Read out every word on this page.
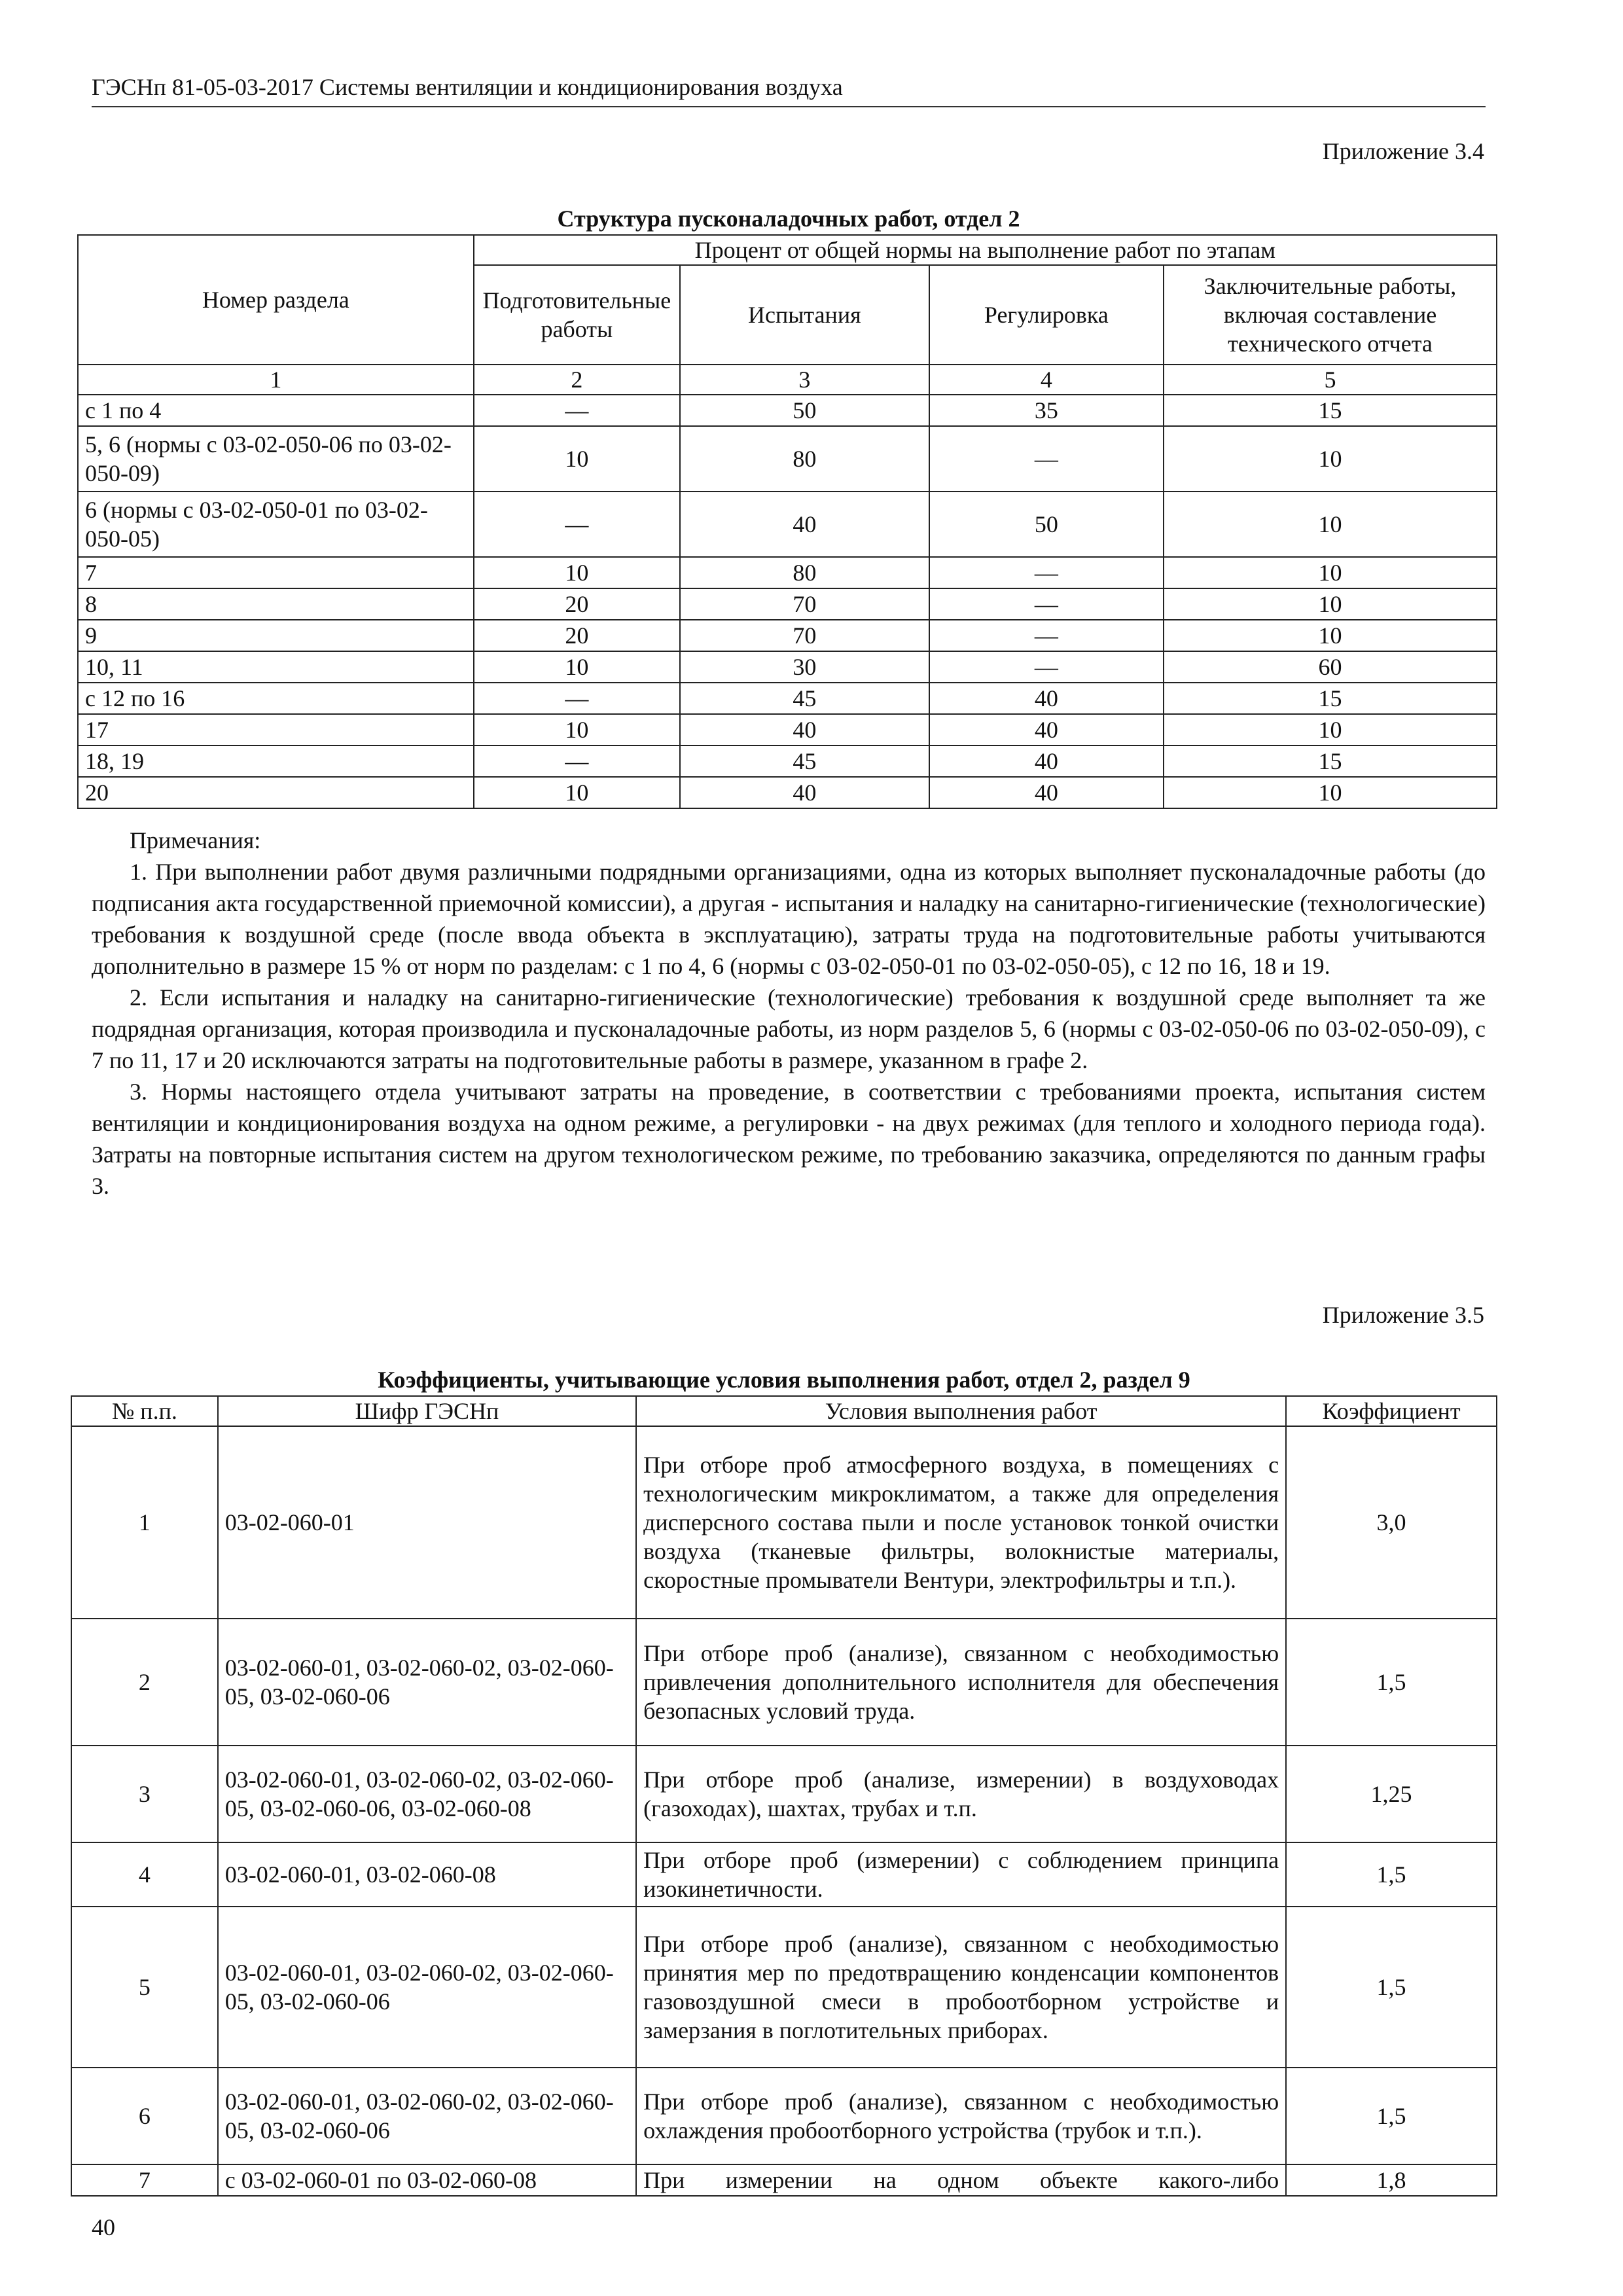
ГЭСНп 81-05-03-2017 Системы вентиляции и кондиционирования воздуха
Приложение 3.4
Структура пусконаладочных работ, отдел 2
Номер раздела	Процент от общей нормы на выполнение работ по этапам			
	Подготовительные работы	Испытания	Регулировка	Заключительные работы, включая составление технического отчета
1	2	3	4	5
с 1 по 4	—	50	35	15
5, 6 (нормы с 03-02-050-06 по 03-02-050-09)	10	80	—	10
6 (нормы с 03-02-050-01 по 03-02-050-05)	—	40	50	10
7	10	80	—	10
8	20	70	—	10
9	20	70	—	10
10, 11	10	30	—	60
с 12 по 16	—	45	40	15
17	10	40	40	10
18, 19	—	45	40	15
20	10	40	40	10

Примечания:

1. При выполнении работ двумя различными подрядными организациями, одна из которых выполняет пусконаладочные работы (до подписания акта государственной приемочной комиссии), а другая - испытания и наладку на санитарно-гигиенические (технологические) требования к воздушной среде (после ввода объекта в эксплуатацию), затраты труда на подготовительные работы учитываются дополнительно в размере 15 % от норм по разделам: с 1 по 4, 6 (нормы с 03-02-050-01 по 03-02-050-05), с 12 по 16, 18 и 19.

2. Если испытания и наладку на санитарно-гигиенические (технологические) требования к воздушной среде выполняет та же подрядная организация, которая производила и пусконаладочные работы, из норм разделов 5, 6 (нормы с 03-02-050-06 по 03-02-050-09), с 7 по 11, 17 и 20 исключаются затраты на подготовительные работы в размере, указанном в графе 2.

3. Нормы настоящего отдела учитывают затраты на проведение, в соответствии с требованиями проекта, испытания систем вентиляции и кондиционирования воздуха на одном режиме, а регулировки - на двух режимах (для теплого и холодного периода года). Затраты на повторные испытания систем на другом технологическом режиме, по требованию заказчика, определяются по данным графы 3.

Приложение 3.5
Коэффициенты, учитывающие условия выполнения работ, отдел 2, раздел 9
№ п.п.	Шифр ГЭСНп	Условия выполнения работ	Коэффициент
1	03-02-060-01	При отборе проб атмосферного воздуха, в помещениях с технологическим микроклиматом, а также для определения дисперсного состава пыли и после установок тонкой очистки воздуха (тканевые фильтры, волокнистые материалы, скоростные промыватели Вентури, электрофильтры и т.п.).	3,0
2	03-02-060-01, 03-02-060-02, 03-02-060-05, 03-02-060-06	При отборе проб (анализе), связанном с необходимостью привлечения дополнительного исполнителя для обеспечения безопасных условий труда.	1,5
3	03-02-060-01, 03-02-060-02, 03-02-060-05, 03-02-060-06, 03-02-060-08	При отборе проб (анализе, измерении) в воздуховодах (газоходах), шахтах, трубах и т.п.	1,25
4	03-02-060-01, 03-02-060-08	При отборе проб (измерении) с соблюдением принципа изокинетичности.	1,5
5	03-02-060-01, 03-02-060-02, 03-02-060-05, 03-02-060-06	При отборе проб (анализе), связанном с необходимостью принятия мер по предотвращению конденсации компонентов газовоздушной смеси в пробоотборном устройстве и замерзания в поглотительных приборах.	1,5
6	03-02-060-01, 03-02-060-02, 03-02-060-05, 03-02-060-06	При отборе проб (анализе), связанном с необходимостью охлаждения пробоотборного устройства (трубок и т.п.).	1,5
7	с 03-02-060-01 по 03-02-060-08	При измерении на одном объекте какого-либо	1,8
40
